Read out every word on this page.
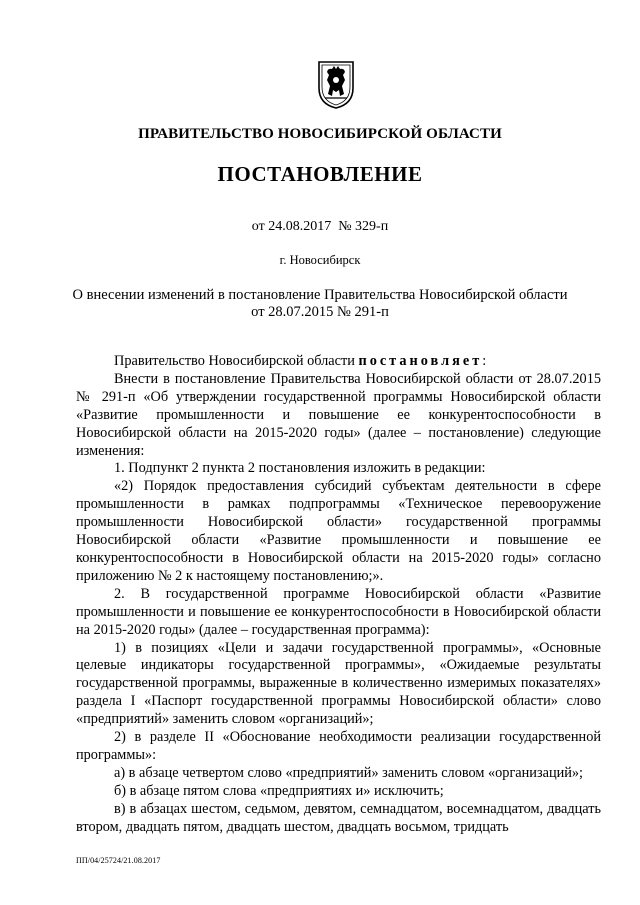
ПРАВИТЕЛЬСТВО НОВОСИБИРСКОЙ ОБЛАСТИ
ПОСТАНОВЛЕНИЕ
от 24.08.2017  № 329-п
г. Новосибирск
О внесении изменений в постановление Правительства Новосибирской области
от 28.07.2015 № 291-п

Правительство Новосибирской области постановляет:

Внести в постановление Правительства Новосибирской области от 28.07.2015 № 291-п «Об утверждении государственной программы Новосибирской области «Развитие промышленности и повышение ее конкурентоспособности в Новосибирской области на 2015-2020 годы» (далее – постановление) следующие изменения:

1. Подпункт 2 пункта 2 постановления изложить в редакции:

«2) Порядок предоставления субсидий субъектам деятельности в сфере промышленности в рамках подпрограммы «Техническое перевооружение промышленности Новосибирской области» государственной программы Новосибирской области «Развитие промышленности и повышение ее конкурентоспособности в Новосибирской области на 2015-2020 годы» согласно приложению № 2 к настоящему постановлению;».

2. В государственной программе Новосибирской области «Развитие промышленности и повышение ее конкурентоспособности в Новосибирской области на 2015-2020 годы» (далее – государственная программа):

1) в позициях «Цели и задачи государственной программы», «Основные целевые индикаторы государственной программы», «Ожидаемые результаты государственной программы, выраженные в количественно измеримых показателях» раздела I «Паспорт государственной программы Новосибирской области» слово «предприятий» заменить словом «организаций»;

2) в разделе II «Обоснование необходимости реализации государственной программы»:

а) в абзаце четвертом слово «предприятий» заменить словом «организаций»;

б) в абзаце пятом слова «предприятиях и» исключить;

в) в абзацах шестом, седьмом, девятом, семнадцатом, восемнадцатом, двадцать втором, двадцать пятом, двадцать шестом, двадцать восьмом, тридцать

ПП/04/25724/21.08.2017
